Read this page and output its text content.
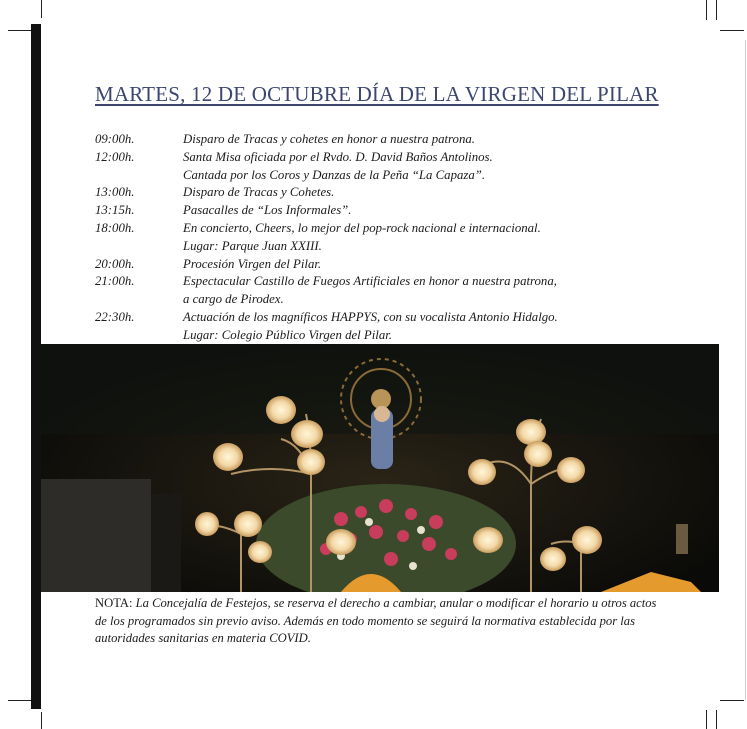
MARTES, 12 DE OCTUBRE DÍA DE LA VIRGEN DEL PILAR
09:00h.	Disparo de Tracas y cohetes en honor a nuestra patrona.
12:00h.	Santa Misa oficiada por el Rvdo. D. David Baños Antolinos.
Cantada por los Coros y Danzas de la Peña “La Capaza”.
13:00h.	Disparo de Tracas y Cohetes.
13:15h.	Pasacalles de “Los Informales”.
18:00h.	En concierto, Cheers, lo mejor del pop-rock nacional e internacional.
Lugar: Parque Juan XXIII.
20:00h.	Procesión Virgen del Pilar.
21:00h.	Espectacular Castillo de Fuegos Artificiales en honor a nuestra patrona,
a cargo de Pirodex.
22:30h.	Actuación de los magníficos HAPPYS, con su vocalista Antonio Hidalgo.
Lugar: Colegio Público Virgen del Pilar.
NOTA: La Concejalía de Festejos, se reserva el derecho a cambiar, anular o modificar el horario u otros actos de los programados sin previo aviso. Además en todo momento se seguirá la normativa establecida por las autoridades sanitarias en materia COVID.
